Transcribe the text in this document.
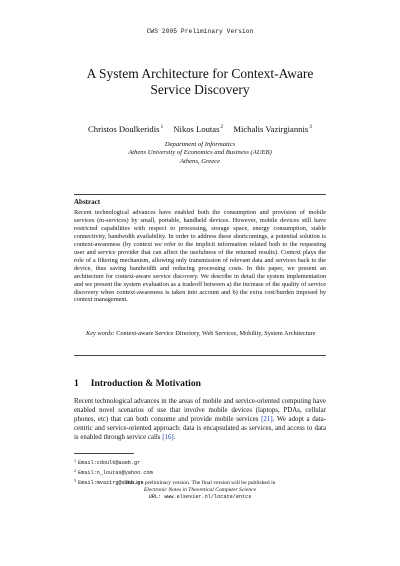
CWS 2005 Preliminary Version
A System Architecture for Context-Aware
Service Discovery
Christos Doulkeridis$^1$ Nikos Loutas$^2$ Michalis Vazirgiannis$^3$
Department of Informatics
Athens University of Economics and Business (AUEB)
Athens, Greece
Abstract
Recent technological advances have enabled both the consumption and provision of mobile services (m-services) by small, portable, handheld devices. However, mobile devices still have restricted capabilities with respect to processing, storage space, energy consumption, stable connectivity, bandwidth availability. In order to address these shortcomings, a potential solution is context-awareness (by context we refer to the implicit information related both to the requesting user and service provider that can affect the usefulness of the returned results). Context plays the role of a filtering mechanism, allowing only transmission of relevant data and services back to the device, thus saving bandwidth and reducing processing costs. In this paper, we present an architecture for context-aware service discovery. We describe in detail the system implementation and we present the system evaluation as a tradeoff between a) the increase of the quality of service discovery when context-awareness is taken into account and b) the extra cost/burden imposed by context management.
Key words: Context-aware Service Directory, Web Services, Mobility, System Architecture
1 Introduction & Motivation
Recent technological advances in the areas of mobile and service-oriented computing have enabled novel scenarios of use that involve mobile devices (laptops, PDAs, cellular phones, etc) that can both consume and provide mobile services [21]. We adopt a data-centric and service-oriented approach: data is encapsulated as services, and access to data is enabled through service calls [16].
$^1$ Email:cdoulk@aueb.gr
$^2$ Email:n_loutas@yahoo.com
$^3$ Email:mvazirg@aueb.gr
This is a preliminary version. The final version will be published in
Electronic Notes in Theoretical Computer Science
URL: www.elsevier.nl/locate/entcs
